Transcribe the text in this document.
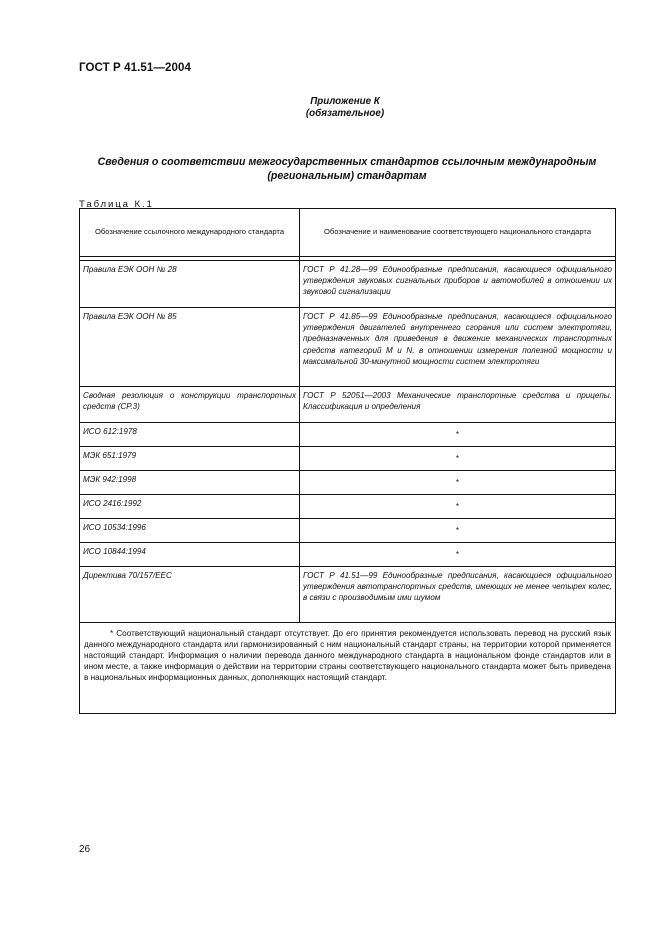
ГОСТ Р 41.51—2004
Приложение К
(обязательное)
Сведения о соответствии межгосударственных стандартов ссылочным международным
(региональным) стандартам
Таблица К.1
Обозначение ссылочного международного стандарта	Обозначение и наименование соответствующего национального стандарта

Правила ЕЭК ООН № 28	ГОСТ Р 41.28—99 Единообразные предписания, касающиеся официального утверждения звуковых сигнальных приборов и автомобилей в отношении их звуковой сигнализации
Правила ЕЭК ООН № 85	ГОСТ Р 41.85—99 Единообразные предписания, касающиеся официального утверждения двигателей внутреннего сгорания или систем электротяги, предназначенных для приведения в движение механических транспортных средств категорий М и N, в отношении измерения полезной мощности и максимальной 30-минутной мощности систем электротяги
Сводная резолюция о конструкции транспортных средств (СР.3)	ГОСТ Р 52051—2003 Механические транспортные средства и прицепы. Классификация и определения
ИСО 612:1978	*
МЭК 651:1979	*
МЭК 942:1998	*
ИСО 2416:1992	*
ИСО 10534:1996	*
ИСО 10844:1994	*
Директива 70/157/ЕЕС	ГОСТ Р 41.51—99 Единообразные предписания, касающиеся официального утверждения автотранспортных средств, имеющих не менее четырех колес, в связи с производимым ими шумом
* Соответствующий национальный стандарт отсутствует. До его принятия рекомендуется использовать перевод на русский язык данного международного стандарта или гармонизированный с ним национальный стандарт страны, на территории которой применяется настоящий стандарт. Информация о наличии перевода данного международного стандарта в национальном фонде стандартов или в ином месте, а также информация о действии на территории страны соответствующего национального стандарта может быть приведена в национальных информационных данных, дополняющих настоящий стандарт.	
26
